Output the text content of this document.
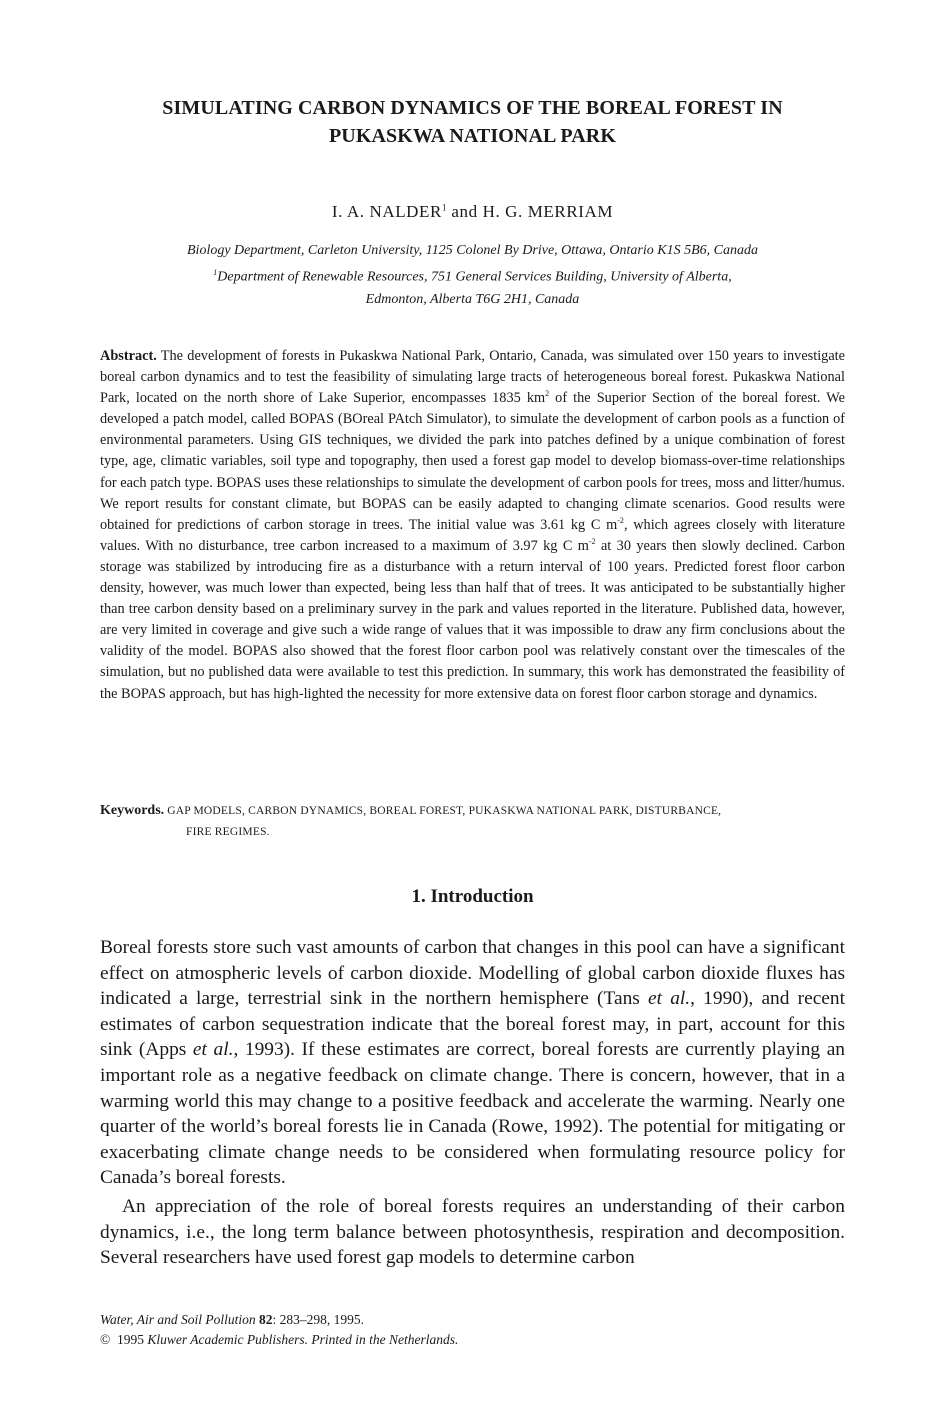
SIMULATING CARBON DYNAMICS OF THE BOREAL FOREST IN
PUKASKWA NATIONAL PARK
I. A. NALDER$^1$ and H. G. MERRIAM
Biology Department, Carleton University, 1125 Colonel By Drive, Ottawa, Ontario K1S 5B6, Canada
$^1$Department of Renewable Resources, 751 General Services Building, University of Alberta,
Edmonton, Alberta T6G 2H1, Canada
Abstract. The development of forests in Pukaskwa National Park, Ontario, Canada, was simulated over 150 years to investigate boreal carbon dynamics and to test the feasibility of simulating large tracts of heterogeneous boreal forest. Pukaskwa National Park, located on the north shore of Lake Superior, encompasses 1835 $km^2$ of the Superior Section of the boreal forest. We developed a patch model, called BOPAS (BOreal PAtch Simulator), to simulate the development of carbon pools as a function of environmental parameters. Using GIS techniques, we divided the park into patches defined by a unique combination of forest type, age, climatic variables, soil type and topography, then used a forest gap model to develop biomass-over-time relationships for each patch type. BOPAS uses these relationships to simulate the development of carbon pools for trees, moss and litter/humus. We report results for constant climate, but BOPAS can be easily adapted to changing climate scenarios. Good results were obtained for predictions of carbon storage in trees. The initial value was 3.61 kg C $m^{-2}$, which agrees closely with literature values. With no disturbance, tree carbon increased to a maximum of 3.97 kg C $m^{-2}$ at 30 years then slowly declined. Carbon storage was stabilized by introducing fire as a disturbance with a return interval of 100 years. Predicted forest floor carbon density, however, was much lower than expected, being less than half that of trees. It was anticipated to be substantially higher than tree carbon density based on a preliminary survey in the park and values reported in the literature. Published data, however, are very limited in coverage and give such a wide range of values that it was impossible to draw any firm conclusions about the validity of the model. BOPAS also showed that the forest floor carbon pool was relatively constant over the timescales of the simulation, but no published data were available to test this prediction. In summary, this work has demonstrated the feasibility of the BOPAS approach, but has high-lighted the necessity for more extensive data on forest floor carbon storage and dynamics.
Keywords. GAP MODELS, CARBON DYNAMICS, BOREAL FOREST, PUKASKWA NATIONAL PARK, DISTURBANCE,
FIRE REGIMES.
1. Introduction

Boreal forests store such vast amounts of carbon that changes in this pool can have a significant effect on atmospheric levels of carbon dioxide. Modelling of global carbon dioxide fluxes has indicated a large, terrestrial sink in the northern hemisphere (Tans et al., 1990), and recent estimates of carbon sequestration indicate that the boreal forest may, in part, account for this sink (Apps et al., 1993). If these estimates are correct, boreal forests are currently playing an important role as a negative feedback on climate change. There is concern, however, that in a warming world this may change to a positive feedback and accelerate the warming. Nearly one quarter of the world’s boreal forests lie in Canada (Rowe, 1992). The potential for mitigating or exacerbating climate change needs to be considered when formulating resource policy for Canada’s boreal forests.

An appreciation of the role of boreal forests requires an understanding of their carbon dynamics, i.e., the long term balance between photosynthesis, respiration and decomposition. Several researchers have used forest gap models to determine carbon

Water, Air and Soil Pollution 82: 283–298, 1995.
© 1995 Kluwer Academic Publishers. Printed in the Netherlands.
